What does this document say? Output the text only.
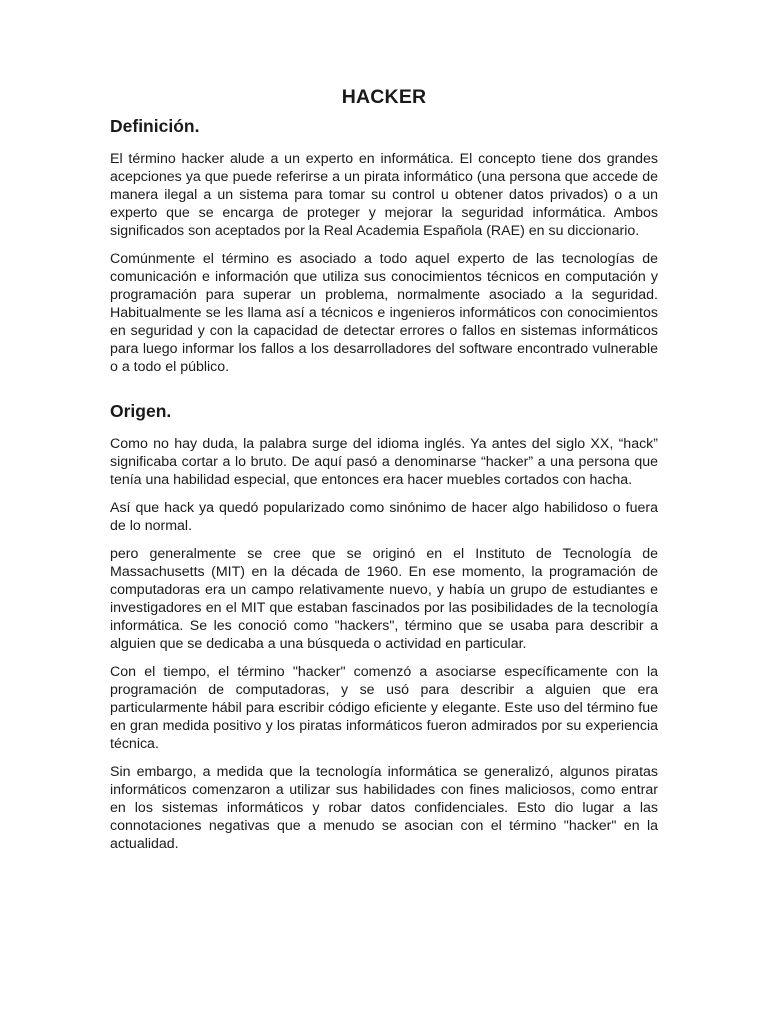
HACKER
Definición.

El término hacker alude a un experto en informática. El concepto tiene dos grandes acepciones ya que puede referirse a un pirata informático (una persona que accede de manera ilegal a un sistema para tomar su control u obtener datos privados) o a un experto que se encarga de proteger y mejorar la seguridad informática. Ambos significados son aceptados por la Real Academia Española (RAE) en su diccionario.

Comúnmente el término es asociado a todo aquel experto de las tecnologías de comunicación e información que utiliza sus conocimientos técnicos en computación y programación para superar un problema, normalmente asociado a la seguridad. Habitualmente se les llama así a técnicos e ingenieros informáticos con conocimientos en seguridad y con la capacidad de detectar errores o fallos en sistemas informáticos para luego informar los fallos a los desarrolladores del software encontrado vulnerable o a todo el público.

Origen.

Como no hay duda, la palabra surge del idioma inglés. Ya antes del siglo XX, “hack” significaba cortar a lo bruto. De aquí pasó a denominarse “hacker” a una persona que tenía una habilidad especial, que entonces era hacer muebles cortados con hacha.

Así que hack ya quedó popularizado como sinónimo de hacer algo habilidoso o fuera de lo normal.

pero generalmente se cree que se originó en el Instituto de Tecnología de Massachusetts (MIT) en la década de 1960. En ese momento, la programación de computadoras era un campo relativamente nuevo, y había un grupo de estudiantes e investigadores en el MIT que estaban fascinados por las posibilidades de la tecnología informática. Se les conoció como "hackers", término que se usaba para describir a alguien que se dedicaba a una búsqueda o actividad en particular.

Con el tiempo, el término "hacker" comenzó a asociarse específicamente con la programación de computadoras, y se usó para describir a alguien que era particularmente hábil para escribir código eficiente y elegante. Este uso del término fue en gran medida positivo y los piratas informáticos fueron admirados por su experiencia técnica.

Sin embargo, a medida que la tecnología informática se generalizó, algunos piratas informáticos comenzaron a utilizar sus habilidades con fines maliciosos, como entrar en los sistemas informáticos y robar datos confidenciales. Esto dio lugar a las connotaciones negativas que a menudo se asocian con el término "hacker" en la actualidad.
